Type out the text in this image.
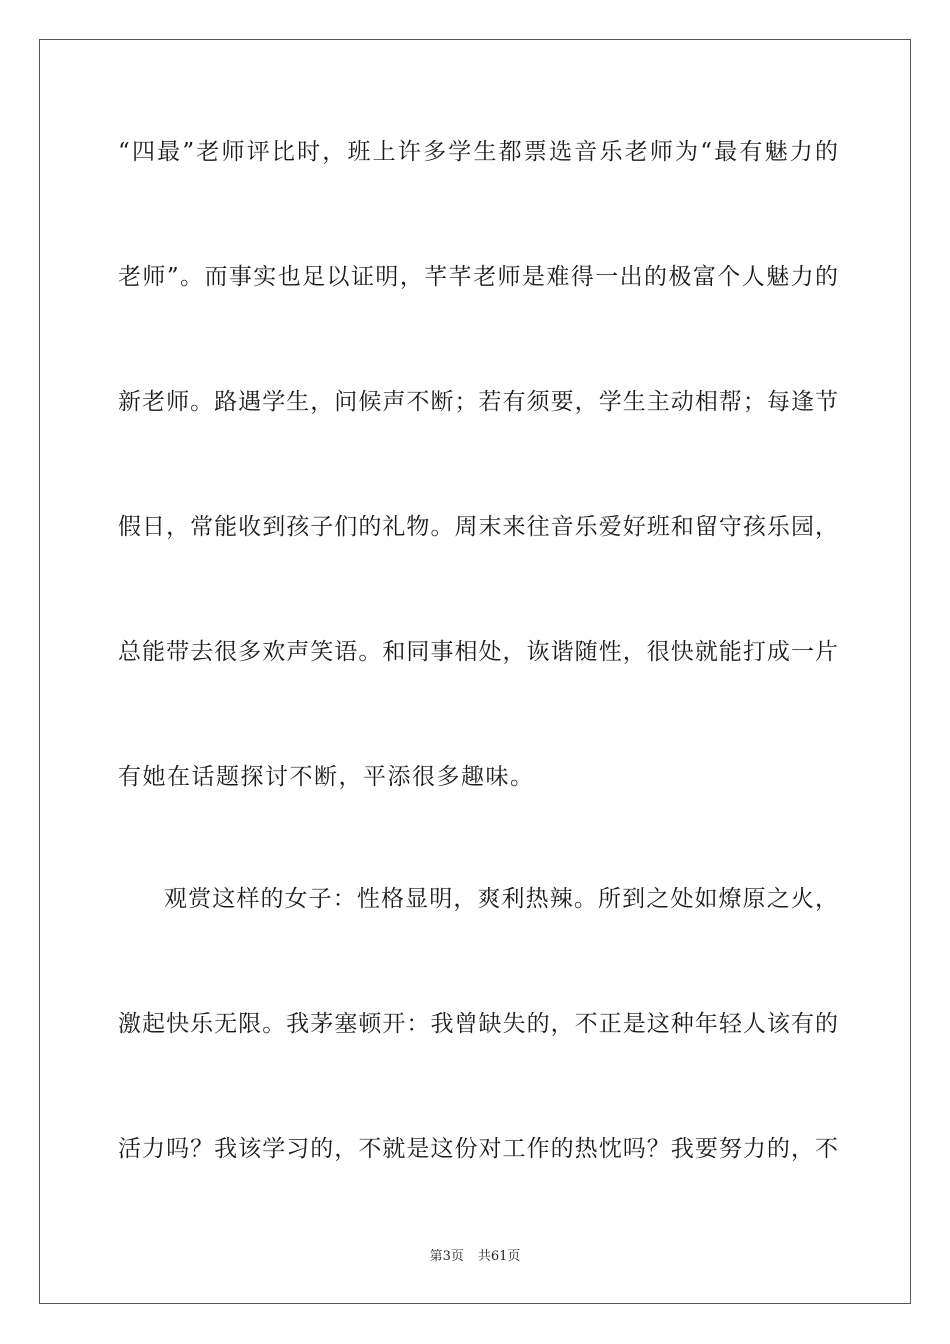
“四最”老师评比时，班上许多学生都票选音乐老师为“最有魅力的
老师”。而事实也足以证明，芊芊老师是难得一出的极富个人魅力的
新老师。路遇学生，问候声不断；若有须要，学生主动相帮；每逢节
假日，常能收到孩子们的礼物。周末来往音乐爱好班和留守孩乐园，
总能带去很多欢声笑语。和同事相处，诙谐随性，很快就能打成一片
有她在话题探讨不断，平添很多趣味。
观赏这样的女子：性格显明，爽利热辣。所到之处如燎原之火，
激起快乐无限。我茅塞顿开：我曾缺失的，不正是这种年轻人该有的
活力吗？我该学习的，不就是这份对工作的热忱吗？我要努力的，不
第3页 共61页
